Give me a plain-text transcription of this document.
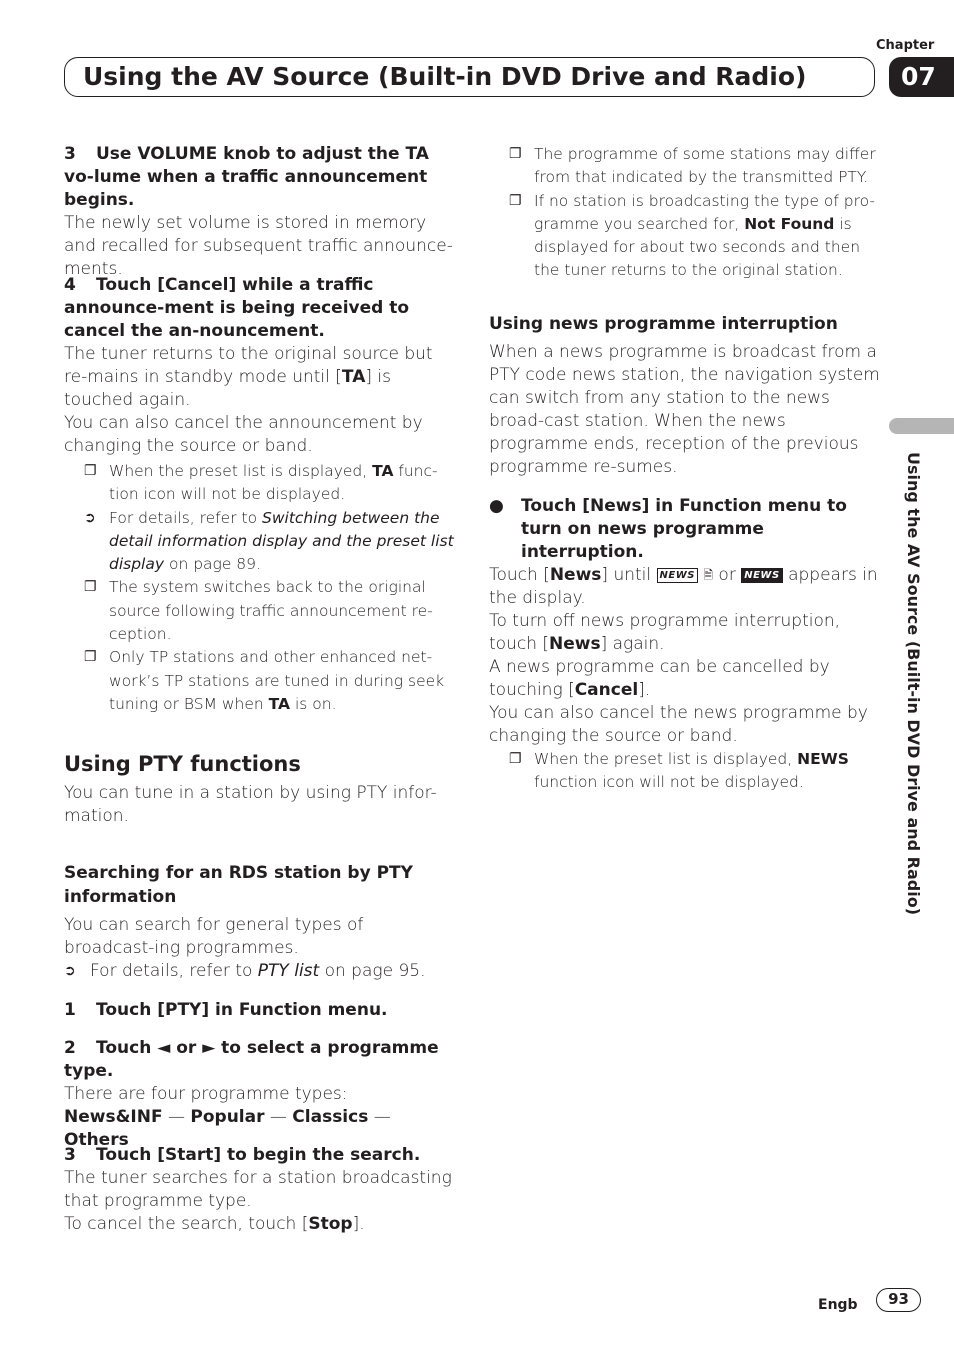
Chapter
07
Using the AV Source (Built-in DVD Drive and Radio)

3 Use VOLUME knob to adjust the TA vo-lume when a traffic announcement begins.

The newly set volume is stored in memory and recalled for subsequent traffic announce-ments.

4 Touch [Cancel] while a traffic announce-ment is being received to cancel the an-nouncement.

The tuner returns to the original source but re-mains in standby mode until [TA] is touched again.

You can also cancel the announcement by changing the source or band.

❐ When the preset list is displayed, TA func-tion icon will not be displayed.

➲ For details, refer to Switching between the detail information display and the preset list display on page 89.

❐ The system switches back to the original source following traffic announcement re-ception.

❐ Only TP stations and other enhanced net-work’s TP stations are tuned in during seek tuning or BSM when TA is on.

Using PTY functions

You can tune in a station by using PTY infor-mation.

Searching for an RDS station by PTY information

You can search for general types of broadcast-ing programmes.

➲ For details, refer to PTY list on page 95.

1 Touch [PTY] in Function menu.

2 Touch ◄ or ► to select a programme type.

There are four programme types:

News&INF — Popular — Classics — Others

3 Touch [Start] to begin the search.

The tuner searches for a station broadcasting that programme type.

To cancel the search, touch [Stop].

❐ The programme of some stations may differ from that indicated by the transmitted PTY.

❐ If no station is broadcasting the type of pro-gramme you searched for, Not Found is displayed for about two seconds and then the tuner returns to the original station.

Using news programme interruption

When a news programme is broadcast from a PTY code news station, the navigation system can switch from any station to the news broad-cast station. When the news programme ends, reception of the previous programme re-sumes.

● Touch [News] in Function menu to turn on news programme interruption.

Touch [News] until NEWS 🗎 or NEWS appears in the display.

To turn off news programme interruption, touch [News] again.

A news programme can be cancelled by touching [Cancel].

You can also cancel the news programme by changing the source or band.

❐ When the preset list is displayed, NEWS function icon will not be displayed.	Using the AV Source (Built-in DVD Drive and Radio)
Engb	93
